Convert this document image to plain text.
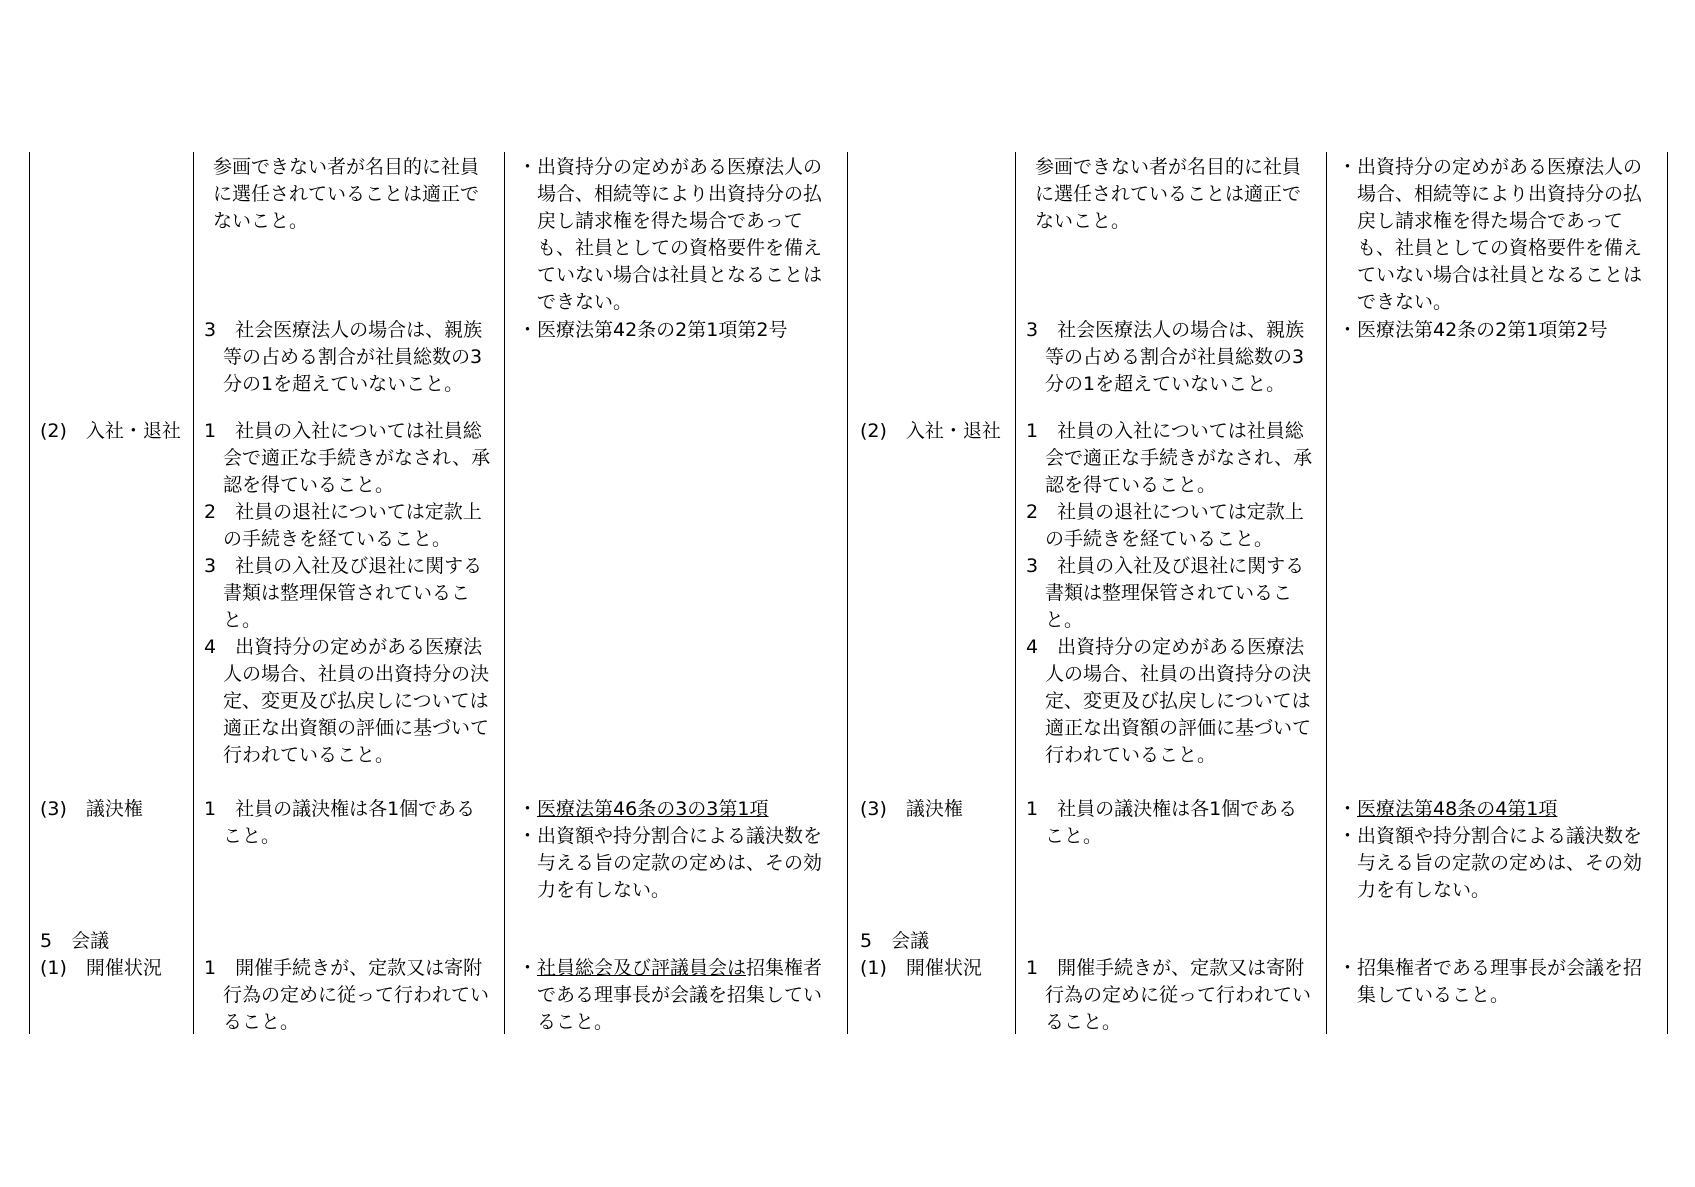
参画できない者が名目的に社員
に選任されていることは適正で
ないこと。
・出資持分の定めがある医療法人の
　場合、相続等により出資持分の払
　戻し請求権を得た場合であって
　も、社員としての資格要件を備え
　ていない場合は社員となることは
　できない。
3　社会医療法人の場合は、親族
　等の占める割合が社員総数の3
　分の1を超えていないこと。
・医療法第42条の2第1項第2号
(2)　入社・退社 1　社員の入社については社員総
　会で適正な手続きがなされ、承
　認を得ていること。
2　社員の退社については定款上
　の手続きを経ていること。
3　社員の入社及び退社に関する
　書類は整理保管されているこ
　と。
4　出資持分の定めがある医療法
　人の場合、社員の出資持分の決
　定、変更及び払戻しについては
　適正な出資額の評価に基づいて
　行われていること。
(3)　議決権	1　社員の議決権は各1個である
　こと。
・医療法第46条の3の3第1項
・出資額や持分割合による議決数を
　与える旨の定款の定めは、その効
　力を有しない。
5　会議
(1)　開催状況 1　開催手続きが、定款又は寄附
　行為の定めに従って行われてい
　ること。
・社員総会及び評議員会は招集権者
　である理事長が会議を招集してい
　ること。
参画できない者が名目的に社員
に選任されていることは適正で
ないこと。
・出資持分の定めがある医療法人の
　場合、相続等により出資持分の払
　戻し請求権を得た場合であって
　も、社員としての資格要件を備え
　ていない場合は社員となることは
　できない。
3　社会医療法人の場合は、親族
　等の占める割合が社員総数の3
　分の1を超えていないこと。
・医療法第42条の2第1項第2号
(2)　入社・退社 1　社員の入社については社員総
　会で適正な手続きがなされ、承
　認を得ていること。
2　社員の退社については定款上
　の手続きを経ていること。
3　社員の入社及び退社に関する
　書類は整理保管されているこ
　と。
4　出資持分の定めがある医療法
　人の場合、社員の出資持分の決
　定、変更及び払戻しについては
　適正な出資額の評価に基づいて
　行われていること。
(3)　議決権	1　社員の議決権は各1個である
　こと。
・医療法第48条の4第1項
・出資額や持分割合による議決数を
　与える旨の定款の定めは、その効
　力を有しない。
5　会議
(1)　開催状況 1　開催手続きが、定款又は寄附
　行為の定めに従って行われてい
　ること。
・招集権者である理事長が会議を招
　集していること。
